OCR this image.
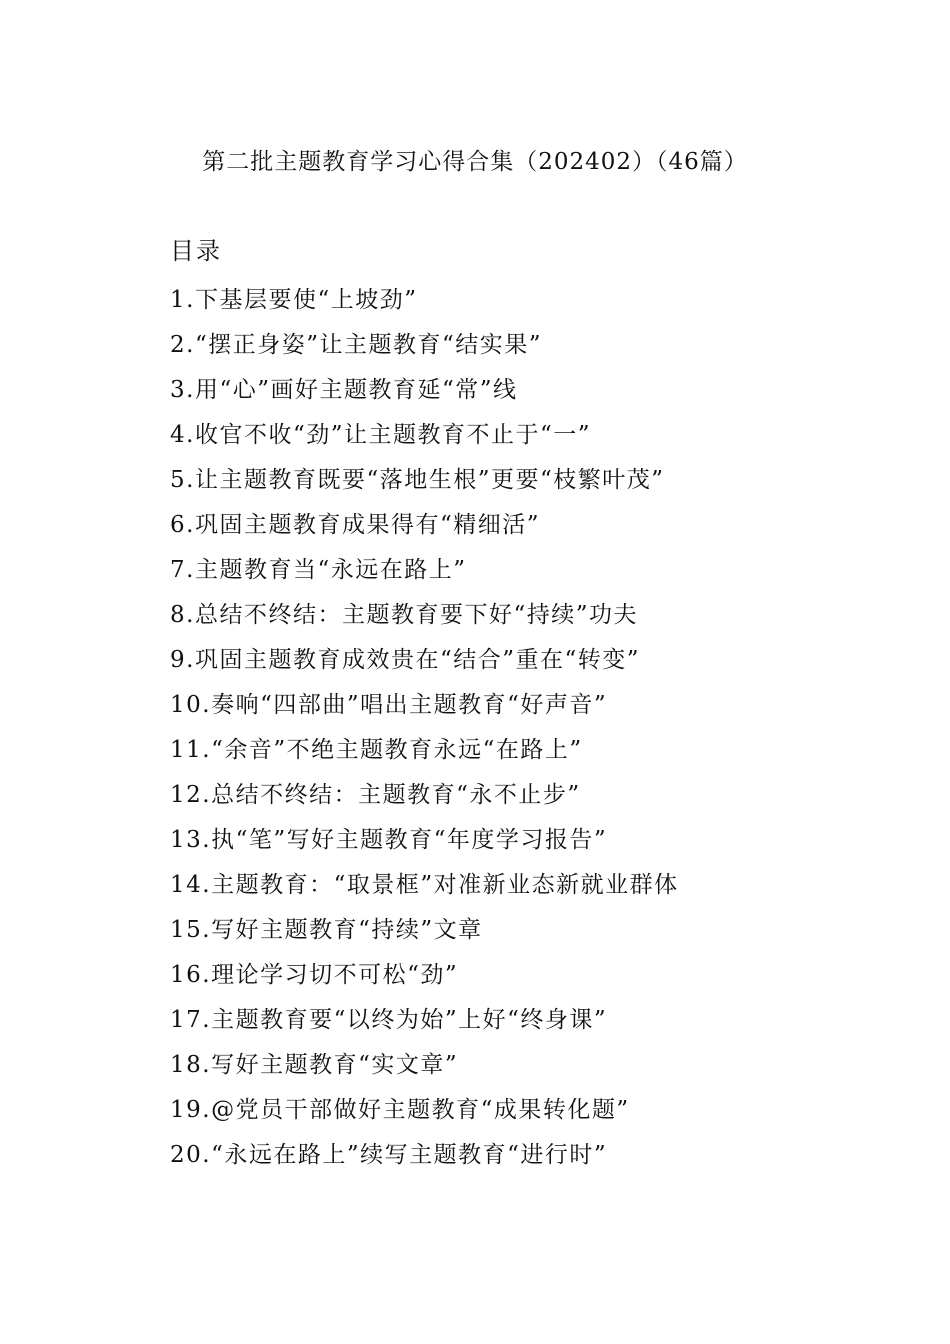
第二批主题教育学习心得合集（202402）（46篇）
目录
1.下基层要使“上坡劲”
2.“摆正身姿”让主题教育“结实果”
3.用“心”画好主题教育延“常”线
4.收官不收“劲”让主题教育不止于“一”
5.让主题教育既要“落地生根”更要“枝繁叶茂”
6.巩固主题教育成果得有“精细活”
7.主题教育当“永远在路上”
8.总结不终结：主题教育要下好“持续”功夫
9.巩固主题教育成效贵在“结合”重在“转变”
10.奏响“四部曲”唱出主题教育“好声音”
11.“余音”不绝主题教育永远“在路上”
12.总结不终结：主题教育“永不止步”
13.执“笔”写好主题教育“年度学习报告”
14.主题教育：“取景框”对准新业态新就业群体
15.写好主题教育“持续”文章
16.理论学习切不可松“劲”
17.主题教育要“以终为始”上好“终身课”
18.写好主题教育“实文章”
19.@党员干部做好主题教育“成果转化题”
20.“永远在路上”续写主题教育“进行时”
